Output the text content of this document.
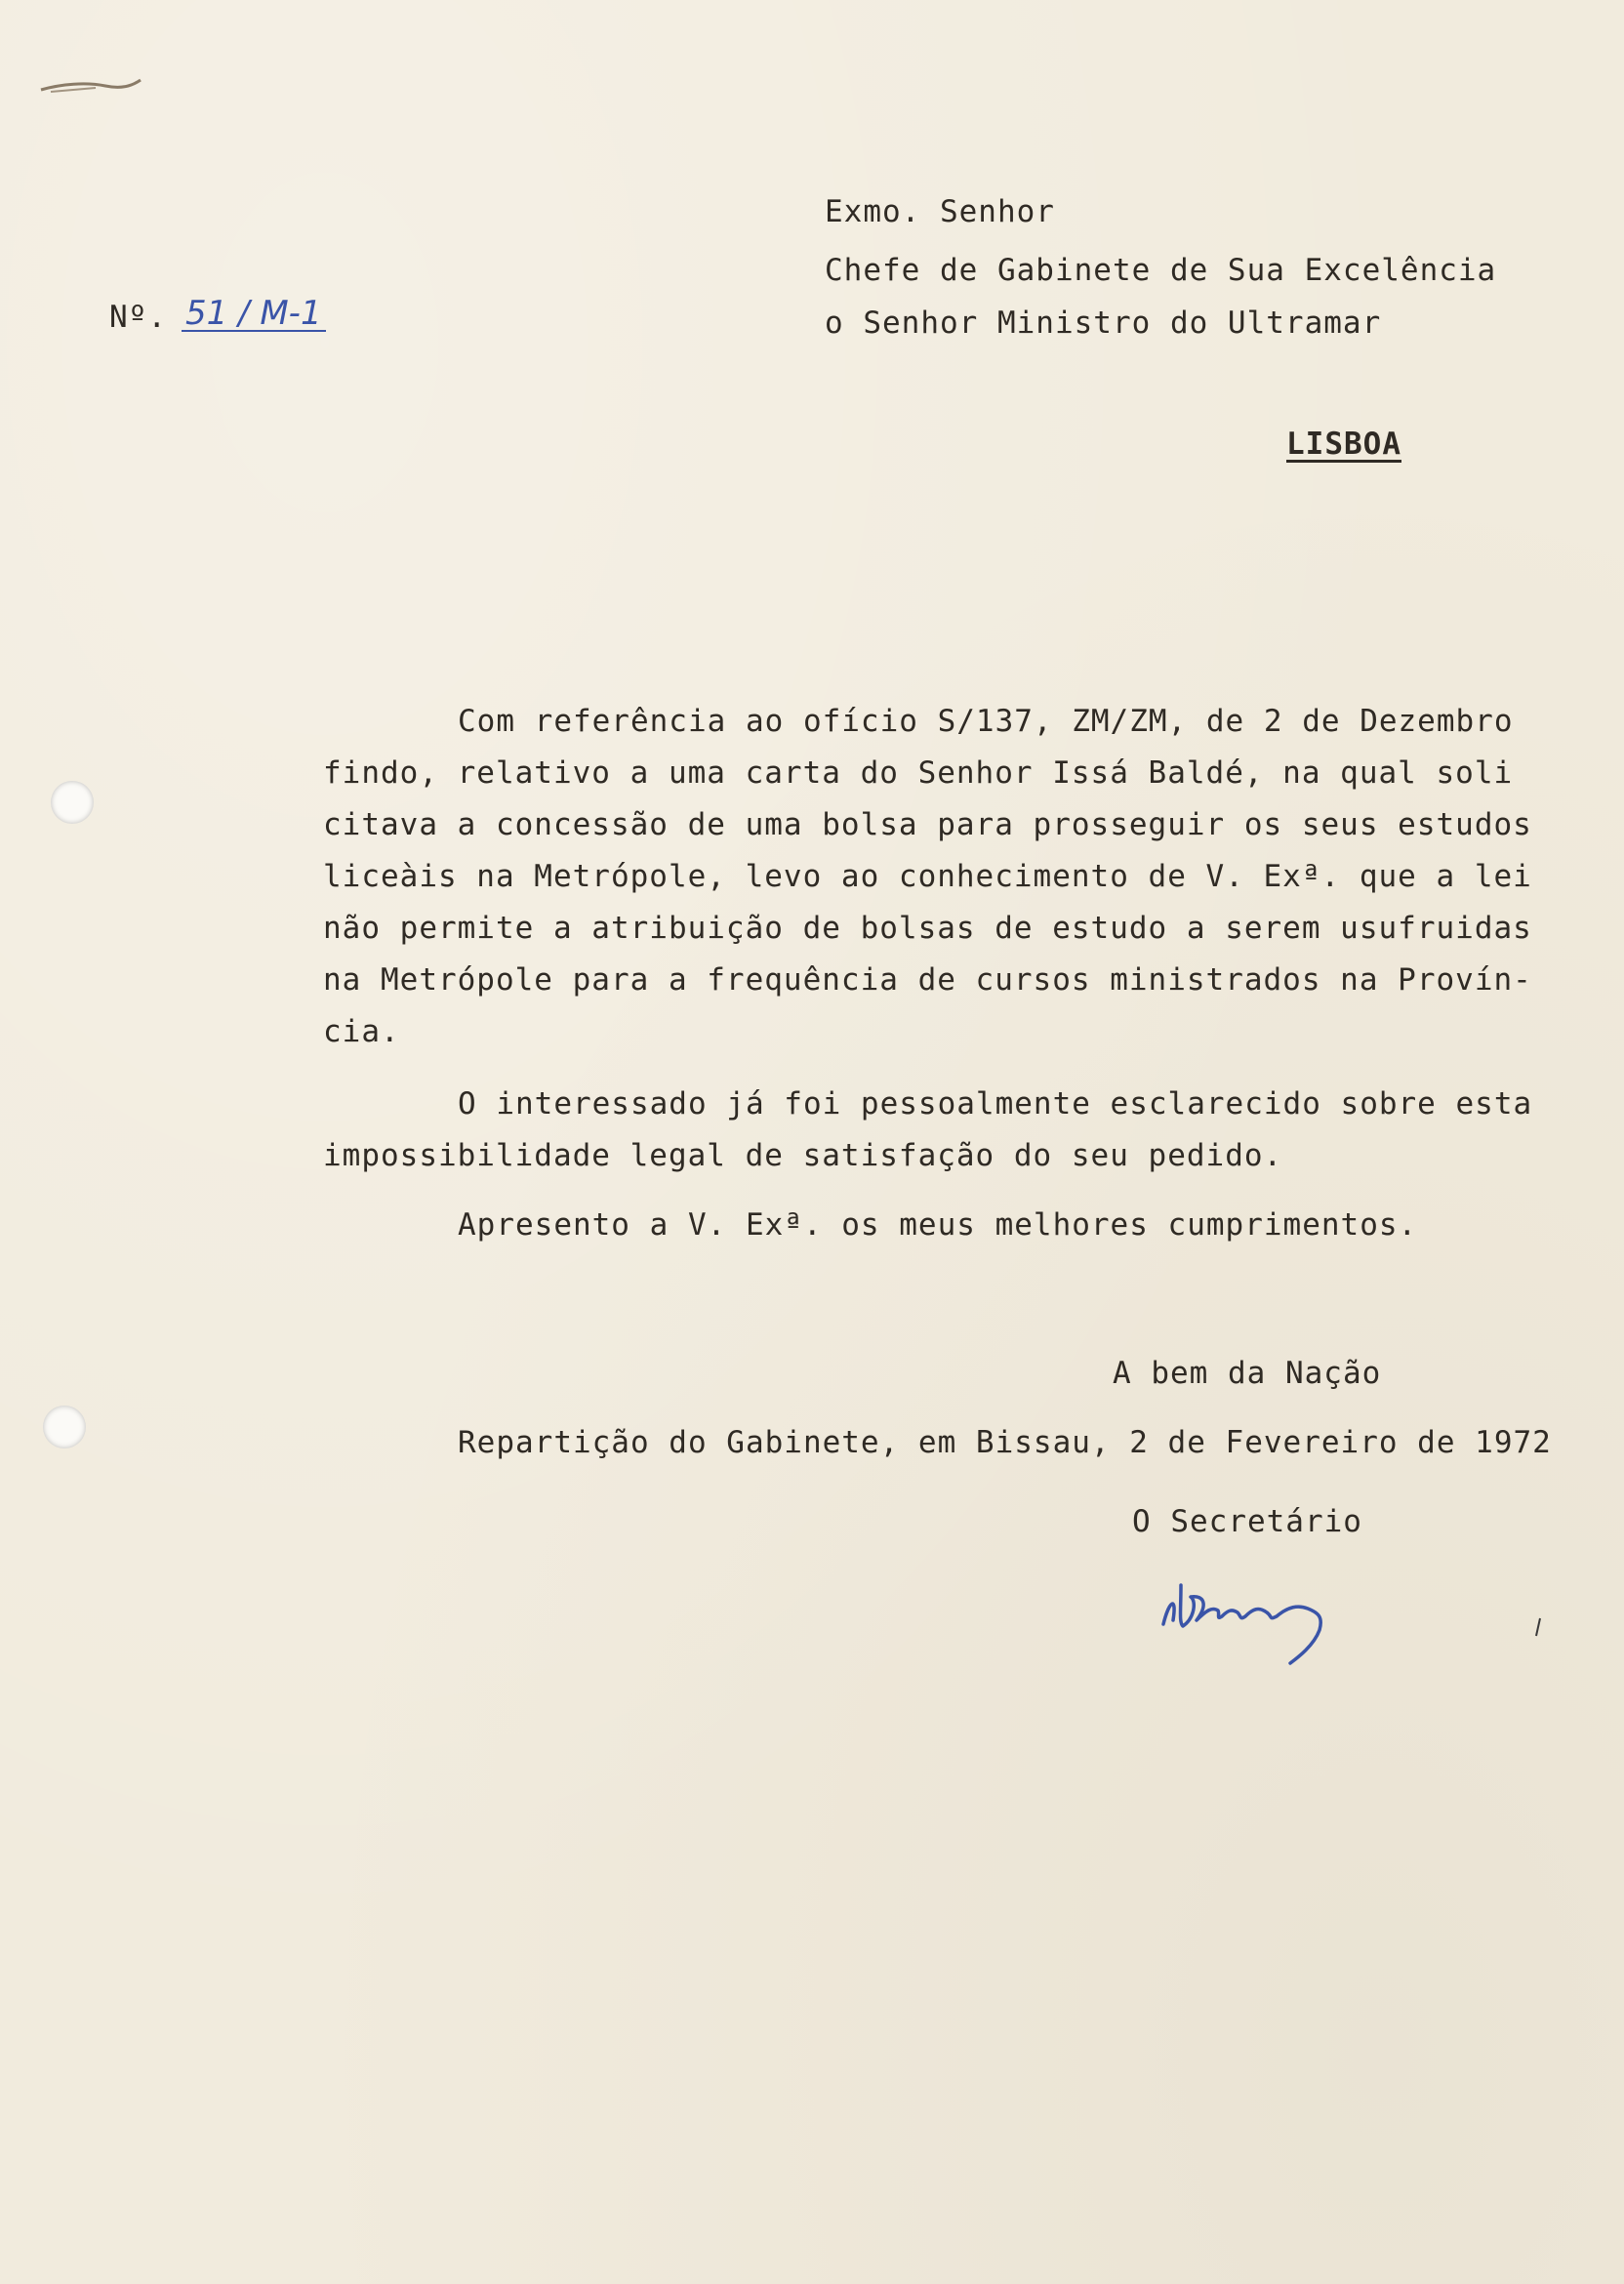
Nº. 51 / M-1
Exmo. Senhor
Chefe de Gabinete de Sua Excelência
o Senhor Ministro do Ultramar
LISBOA
Com referência ao ofício S/137, ZM/ZM, de 2 de Dezembro
findo, relativo a uma carta do Senhor Issá Baldé, na qual soli
citava a concessão de uma bolsa para prosseguir os seus estudos
liceàis na Metrópole, levo ao conhecimento de V. Exª. que a lei
não permite a atribuição de bolsas de estudo a serem usufruidas
na Metrópole para a frequência de cursos ministrados na Provín-
cia.
O interessado já foi pessoalmente esclarecido sobre esta
impossibilidade legal de satisfação do seu pedido.
Apresento a V. Exª. os meus melhores cumprimentos.
A bem da Nação
Repartição do Gabinete, em Bissau, 2 de Fevereiro de 1972
O Secretário
